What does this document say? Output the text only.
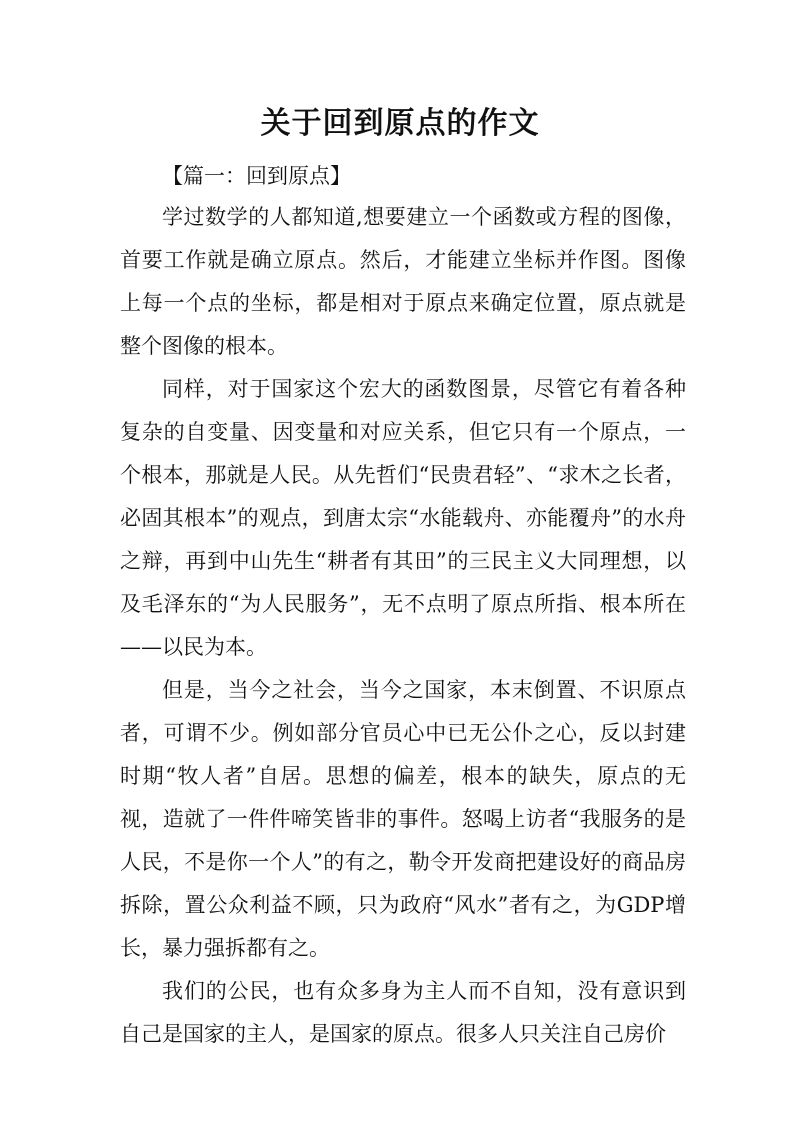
关于回到原点的作文
【篇一：回到原点】

学过数学的人都知道,想要建立一个函数或方程的图像，首要工作就是确立原点。然后，才能建立坐标并作图。图像上每一个点的坐标，都是相对于原点来确定位置，原点就是整个图像的根本。

同样，对于国家这个宏大的函数图景，尽管它有着各种复杂的自变量、因变量和对应关系，但它只有一个原点，一个根本，那就是人民。从先哲们“民贵君轻”、“求木之长者，必固其根本”的观点，到唐太宗“水能载舟、亦能覆舟”的水舟之辩，再到中山先生“耕者有其田”的三民主义大同理想，以及毛泽东的“为人民服务”，无不点明了原点所指、根本所在——以民为本。

但是，当今之社会，当今之国家，本末倒置、不识原点者，可谓不少。例如部分官员心中已无公仆之心，反以封建时期“牧人者”自居。思想的偏差，根本的缺失，原点的无视，造就了一件件啼笑皆非的事件。怒喝上访者“我服务的是人民，不是你一个人”的有之，勒令开发商把建设好的商品房拆除，置公众利益不顾，只为政府“风水”者有之，为GDP增长，暴力强拆都有之。

我们的公民，也有众多身为主人而不自知，没有意识到自己是国家的主人，是国家的原点。很多人只关注自己房价
